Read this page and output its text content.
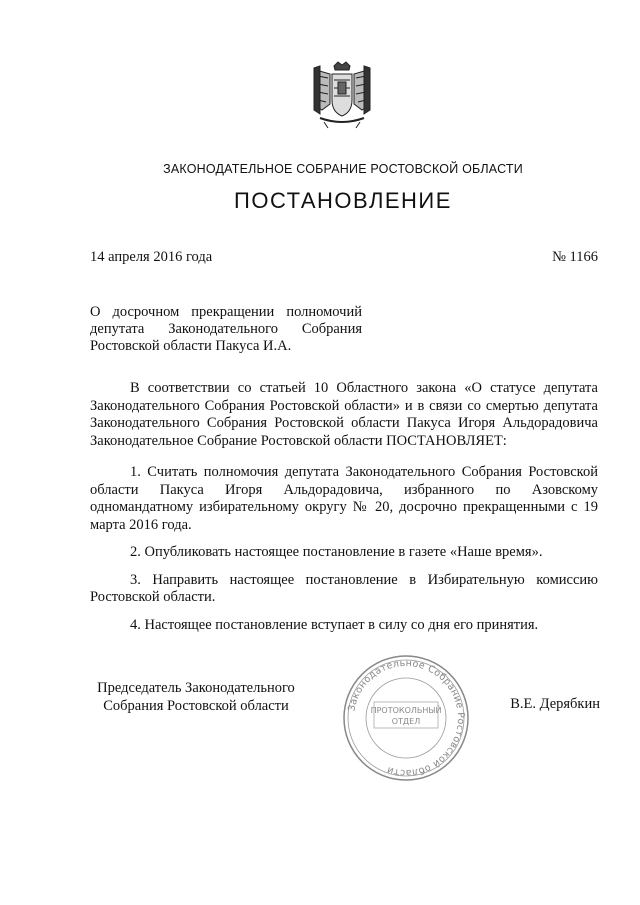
ЗАКОНОДАТЕЛЬНОЕ СОБРАНИЕ РОСТОВСКОЙ ОБЛАСТИ
ПОСТАНОВЛЕНИЕ
14 апреля 2016 года	№ 1166
О досрочном прекращении полномочий
депутата Законодательного Собрания
Ростовской области Пакуса И.А.

В соответствии со статьей 10 Областного закона «О статусе депутата Законодательного Собрания Ростовской области» и в связи со смертью депутата Законодательного Собрания Ростовской области Пакуса Игоря Альдорадовича Законодательное Собрание Ростовской области ПОСТАНОВЛЯЕТ:

1. Считать полномочия депутата Законодательного Собрания Ростовской области Пакуса Игоря Альдорадовича, избранного по Азовскому одномандатному избирательному округу № 20, досрочно прекращенными с 19 марта 2016 года.

2. Опубликовать настоящее постановление в газете «Наше время».

3. Направить настоящее постановление в Избирательную комиссию Ростовской области.

4. Настоящее постановление вступает в силу со дня его принятия.

Председатель Законодательного
Собрания Ростовской области	Законодательное Собрание Ростовской области
ПРОТОКОЛЬНЫЙ
ОТДЕЛ
В.Е. Дерябкин
